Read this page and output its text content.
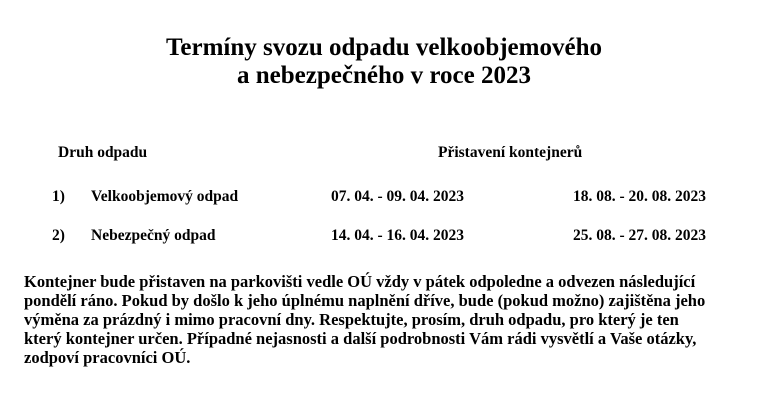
Termíny svozu odpadu velkoobjemového
a nebezpečného v roce 2023
Druh odpadu	Přistavení kontejnerů
1) Velkoobjemový odpad	07. 04. - 09. 04. 2023	18. 08. - 20. 08. 2023
2) Nebezpečný odpad	14. 04. - 16. 04. 2023	25. 08. - 27. 08. 2023
Kontejner bude přistaven na parkovišti vedle OÚ vždy v pátek odpoledne a odvezen následující
pondělí ráno. Pokud by došlo k jeho úplnému naplnění dříve, bude (pokud možno) zajištěna jeho
výměna za prázdný i mimo pracovní dny. Respektujte, prosím, druh odpadu, pro který je ten
který kontejner určen. Případné nejasnosti a další podrobnosti Vám rádi vysvětlí a Vaše otázky,
zodpoví pracovníci OÚ.
